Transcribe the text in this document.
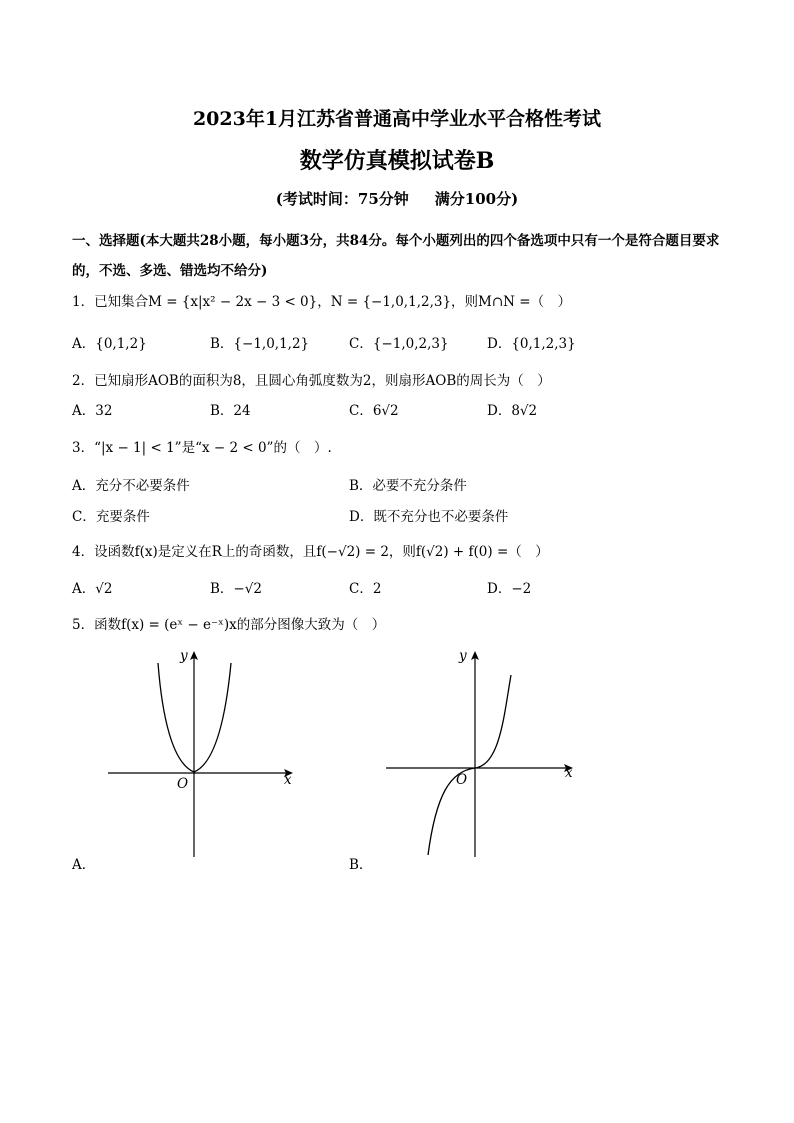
2023年1月江苏省普通高中学业水平合格性考试
数学仿真模拟试卷B
(考试时间：75分钟 满分100分)
一、选择题(本大题共28小题，每小题3分，共84分。每个小题列出的四个备选项中只有一个是符合题目要求的，不选、多选、错选均不给分)
1．已知集合M = {x|x² − 2x − 3 < 0}，N = {−1,0,1,2,3}，则M∩N =（　）
A．{0,1,2}	B．{−1,0,1,2}	C．{−1,0,2,3}	D．{0,1,2,3}
2．已知扇形AOB的面积为8，且圆心角弧度数为2，则扇形AOB的周长为（　）
A．32	B．24	C．6√2	D．8√2
3．“|x − 1| < 1”是“x − 2 < 0”的（　）.
A．充分不必要条件	B．必要不充分条件
C．充要条件	D．既不充分也不必要条件
4．设函数f(x)是定义在R上的奇函数，且f(−√2) = 2，则f(√2) + f(0) =（　）
A．√2	B．−√2	C．2	D．−2
5．函数f(x) = (eˣ − e⁻ˣ)x的部分图像大致为（　）
y
x
O
A．
y
x
O
B．
